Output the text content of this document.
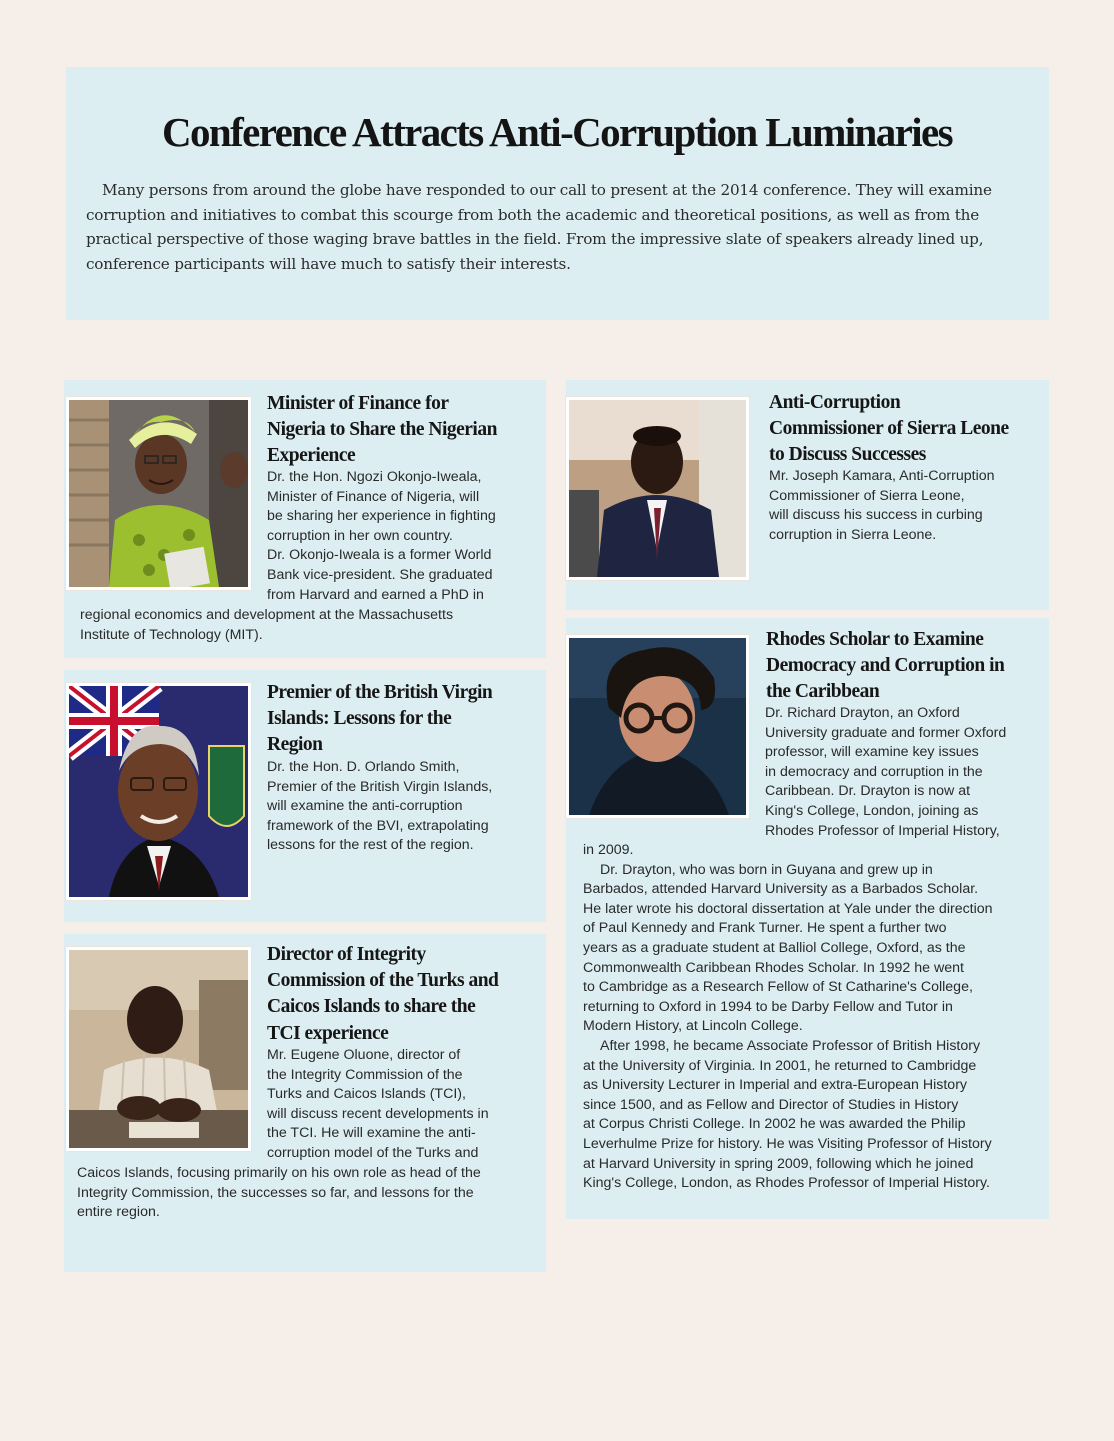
Many persons from around the globe have responded to our call to present at the 2014 conference. They will examine corruption and initiatives to combat this scourge from both the academic and theoretical positions, as well as from the practical perspective of those waging brave battles in the field. From the impressive slate of speakers already lined up, conference participants will have much to satisfy their interests.

Conference Attracts Anti-Corruption Luminaries
Minister of Finance for
Nigeria to Share the Nigerian
Experience

Dr. the Hon. Ngozi Okonjo-Iweala,

Minister of Finance of Nigeria, will

be sharing her experience in fighting

corruption in her own country.

Dr. Okonjo-Iweala is a former World

Bank vice-president. She graduated

from Harvard and earned a PhD in

regional economics and development at the Massachusetts

Institute of Technology (MIT).

Premier of the British Virgin
Islands: Lessons for the
Region

Dr. the Hon. D. Orlando Smith,

Premier of the British Virgin Islands,

will examine the anti-corruption

framework of the BVI, extrapolating

lessons for the rest of the region.

Director of Integrity
Commission of the Turks and
Caicos Islands to share the
TCI experience

Mr. Eugene Oluone, director of

the Integrity Commission of the

Turks and Caicos Islands (TCI),

will discuss recent developments in

the TCI. He will examine the anti-

corruption model of the Turks and

Caicos Islands, focusing primarily on his own role as head of the

Integrity Commission, the successes so far, and lessons for the

entire region.

Anti-Corruption
Commissioner of Sierra Leone
to Discuss Successes

Mr. Joseph Kamara, Anti-Corruption

Commissioner of Sierra Leone,

will discuss his success in curbing

corruption in Sierra Leone.

Rhodes Scholar to Examine
Democracy and Corruption in
the Caribbean

Dr. Richard Drayton, an Oxford

University graduate and former Oxford

professor, will examine key issues

in democracy and corruption in the

Caribbean. Dr. Drayton is now at

King's College, London, joining as

Rhodes Professor of Imperial History,

in 2009.

Dr. Drayton, who was born in Guyana and grew up in

Barbados, attended Harvard University as a Barbados Scholar.

He later wrote his doctoral dissertation at Yale under the direction

of Paul Kennedy and Frank Turner. He spent a further two

years as a graduate student at Balliol College, Oxford, as the

Commonwealth Caribbean Rhodes Scholar. In 1992 he went

to Cambridge as a Research Fellow of St Catharine's College,

returning to Oxford in 1994 to be Darby Fellow and Tutor in

Modern History, at Lincoln College.

After 1998, he became Associate Professor of British History

at the University of Virginia. In 2001, he returned to Cambridge

as University Lecturer in Imperial and extra-European History

since 1500, and as Fellow and Director of Studies in History

at Corpus Christi College. In 2002 he was awarded the Philip

Leverhulme Prize for history. He was Visiting Professor of History

at Harvard University in spring 2009, following which he joined

King's College, London, as Rhodes Professor of Imperial History.
